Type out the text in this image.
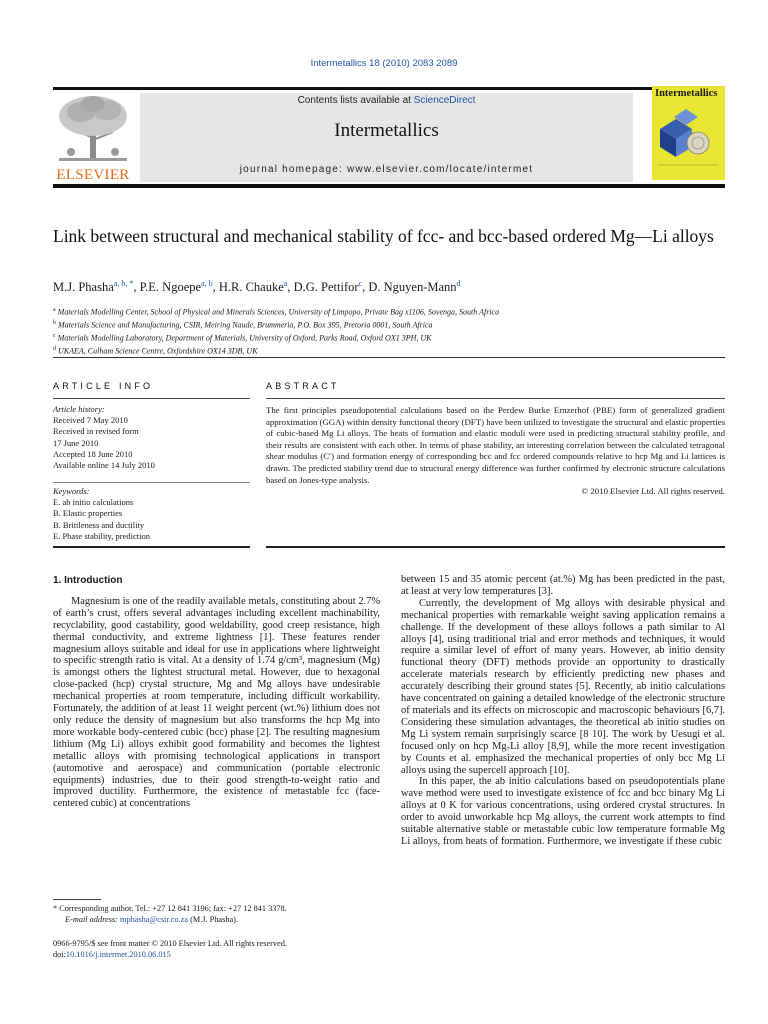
Intermetallics 18 (2010) 2083 2089
ELSEVIER
Contents lists available at ScienceDirect
Intermetallics
journal homepage: www.elsevier.com/locate/intermet
Intermetallics
Link between structural and mechanical stability of fcc- and bcc-based ordered Mg—Li alloys
M.J. Phasha$^{a, b, *}$, P.E. Ngoepe$^{a, b}$, H.R. Chauke$^a$, D.G. Pettifor$^c$, D. Nguyen-Mann$^d$
$^a$ Materials Modelling Center, School of Physical and Minerals Sciences, University of Limpopo, Private Bag x1106, Sovenga, South Africa
$^b$ Materials Science and Manufacturing, CSIR, Meiring Naude, Brummeria, P.O. Box 395, Pretoria 0001, South Africa
$^c$ Materials Modelling Laboratory, Department of Materials, University of Oxford, Parks Road, Oxford OX1 3PH, UK
$^d$ UKAEA, Culham Science Centre, Oxfordshire OX14 3DB, UK
ARTICLE INFO
Article history:
Received 7 May 2010
Received in revised form
17 June 2010
Accepted 18 June 2010
Available online 14 July 2010
Keywords:
E. ab initio calculations
B. Elastic properties
B. Brittleness and ductility
E. Phase stability, prediction
ABSTRACT
The first principles pseudopotential calculations based on the Perdew Burke Ernzerhof (PBE) form of generalized gradient approximation (GGA) within density functional theory (DFT) have been utilized to investigate the structural and elastic properties of cubic-based Mg Li alloys. The heats of formation and elastic moduli were used in predicting structural stability profile, and their results are consistent with each other. In terms of phase stability, an interesting correlation between the calculated tetragonal shear modulus (C′) and formation energy of corresponding bcc and fcc ordered compounds relative to hcp Mg and Li lattices is drawn. The predicted stability trend due to structural energy difference was further confirmed by electronic structure calculations based on Jones-type analysis.
© 2010 Elsevier Ltd. All rights reserved.
1. Introduction

Magnesium is one of the readily available metals, constituting about 2.7% of earth’s crust, offers several advantages including excellent machinability, recyclability, good castability, good weldability, good creep resistance, high thermal conductivity, and extreme lightness [1]. These features render magnesium alloys suitable and ideal for use in applications where lightweight to specific strength ratio is vital. At a density of 1.74 g/cm³, magnesium (Mg) is amongst others the lightest structural metal. However, due to hexagonal close-packed (hcp) crystal structure, Mg and Mg alloys have undesirable mechanical properties at room temperature, including difficult workability. Fortunately, the addition of at least 11 weight percent (wt.%) lithium does not only reduce the density of magnesium but also transforms the hcp Mg into more workable body-centered cubic (bcc) phase [2]. The resulting magnesium lithium (Mg Li) alloys exhibit good formability and becomes the lightest metallic alloys with promising technological applications in transport (automotive and aerospace) and communication (portable electronic equipments) industries, due to their good strength-to-weight ratio and improved ductility. Furthermore, the existence of metastable fcc (face-centered cubic) at concentrations

between 15 and 35 atomic percent (at.%) Mg has been predicted in the past, at least at very low temperatures [3].

Currently, the development of Mg alloys with desirable physical and mechanical properties with remarkable weight saving application remains a challenge. If the development of these alloys follows a path similar to Al alloys [4], using traditional trial and error methods and techniques, it would require a similar level of effort of many years. However, ab initio density functional theory (DFT) methods provide an opportunity to drastically accelerate materials research by efficiently predicting new phases and accurately describing their ground states [5]. Recently, ab initio calculations have concentrated on gaining a detailed knowledge of the electronic structure of materials and its effects on microscopic and macroscopic behaviours [6,7]. Considering these simulation advantages, the theoretical ab initio studies on Mg Li system remain surprisingly scarce [8 10]. The work by Uesugi et al. focused only on hcp Mg₇Li alloy [8,9], while the more recent investigation by Counts et al. emphasized the mechanical properties of only bcc Mg Li alloys using the supercell approach [10].

In this paper, the ab initio calculations based on pseudopotentials plane wave method were used to investigate existence of fcc and bcc binary Mg Li alloys at 0 K for various concentrations, using ordered crystal structures. In order to avoid unworkable hcp Mg alloys, the current work attempts to find suitable alternative stable or metastable cubic low temperature formable Mg Li alloys, from heats of formation. Furthermore, we investigate if these cubic

* Corresponding author. Tel.: +27 12 841 3196; fax: +27 12 841 3378.
E-mail address: mphasha@csir.co.za (M.J. Phasha).
0966-9795/$ see front matter © 2010 Elsevier Ltd. All rights reserved.
doi:10.1016/j.intermet.2010.06.015
